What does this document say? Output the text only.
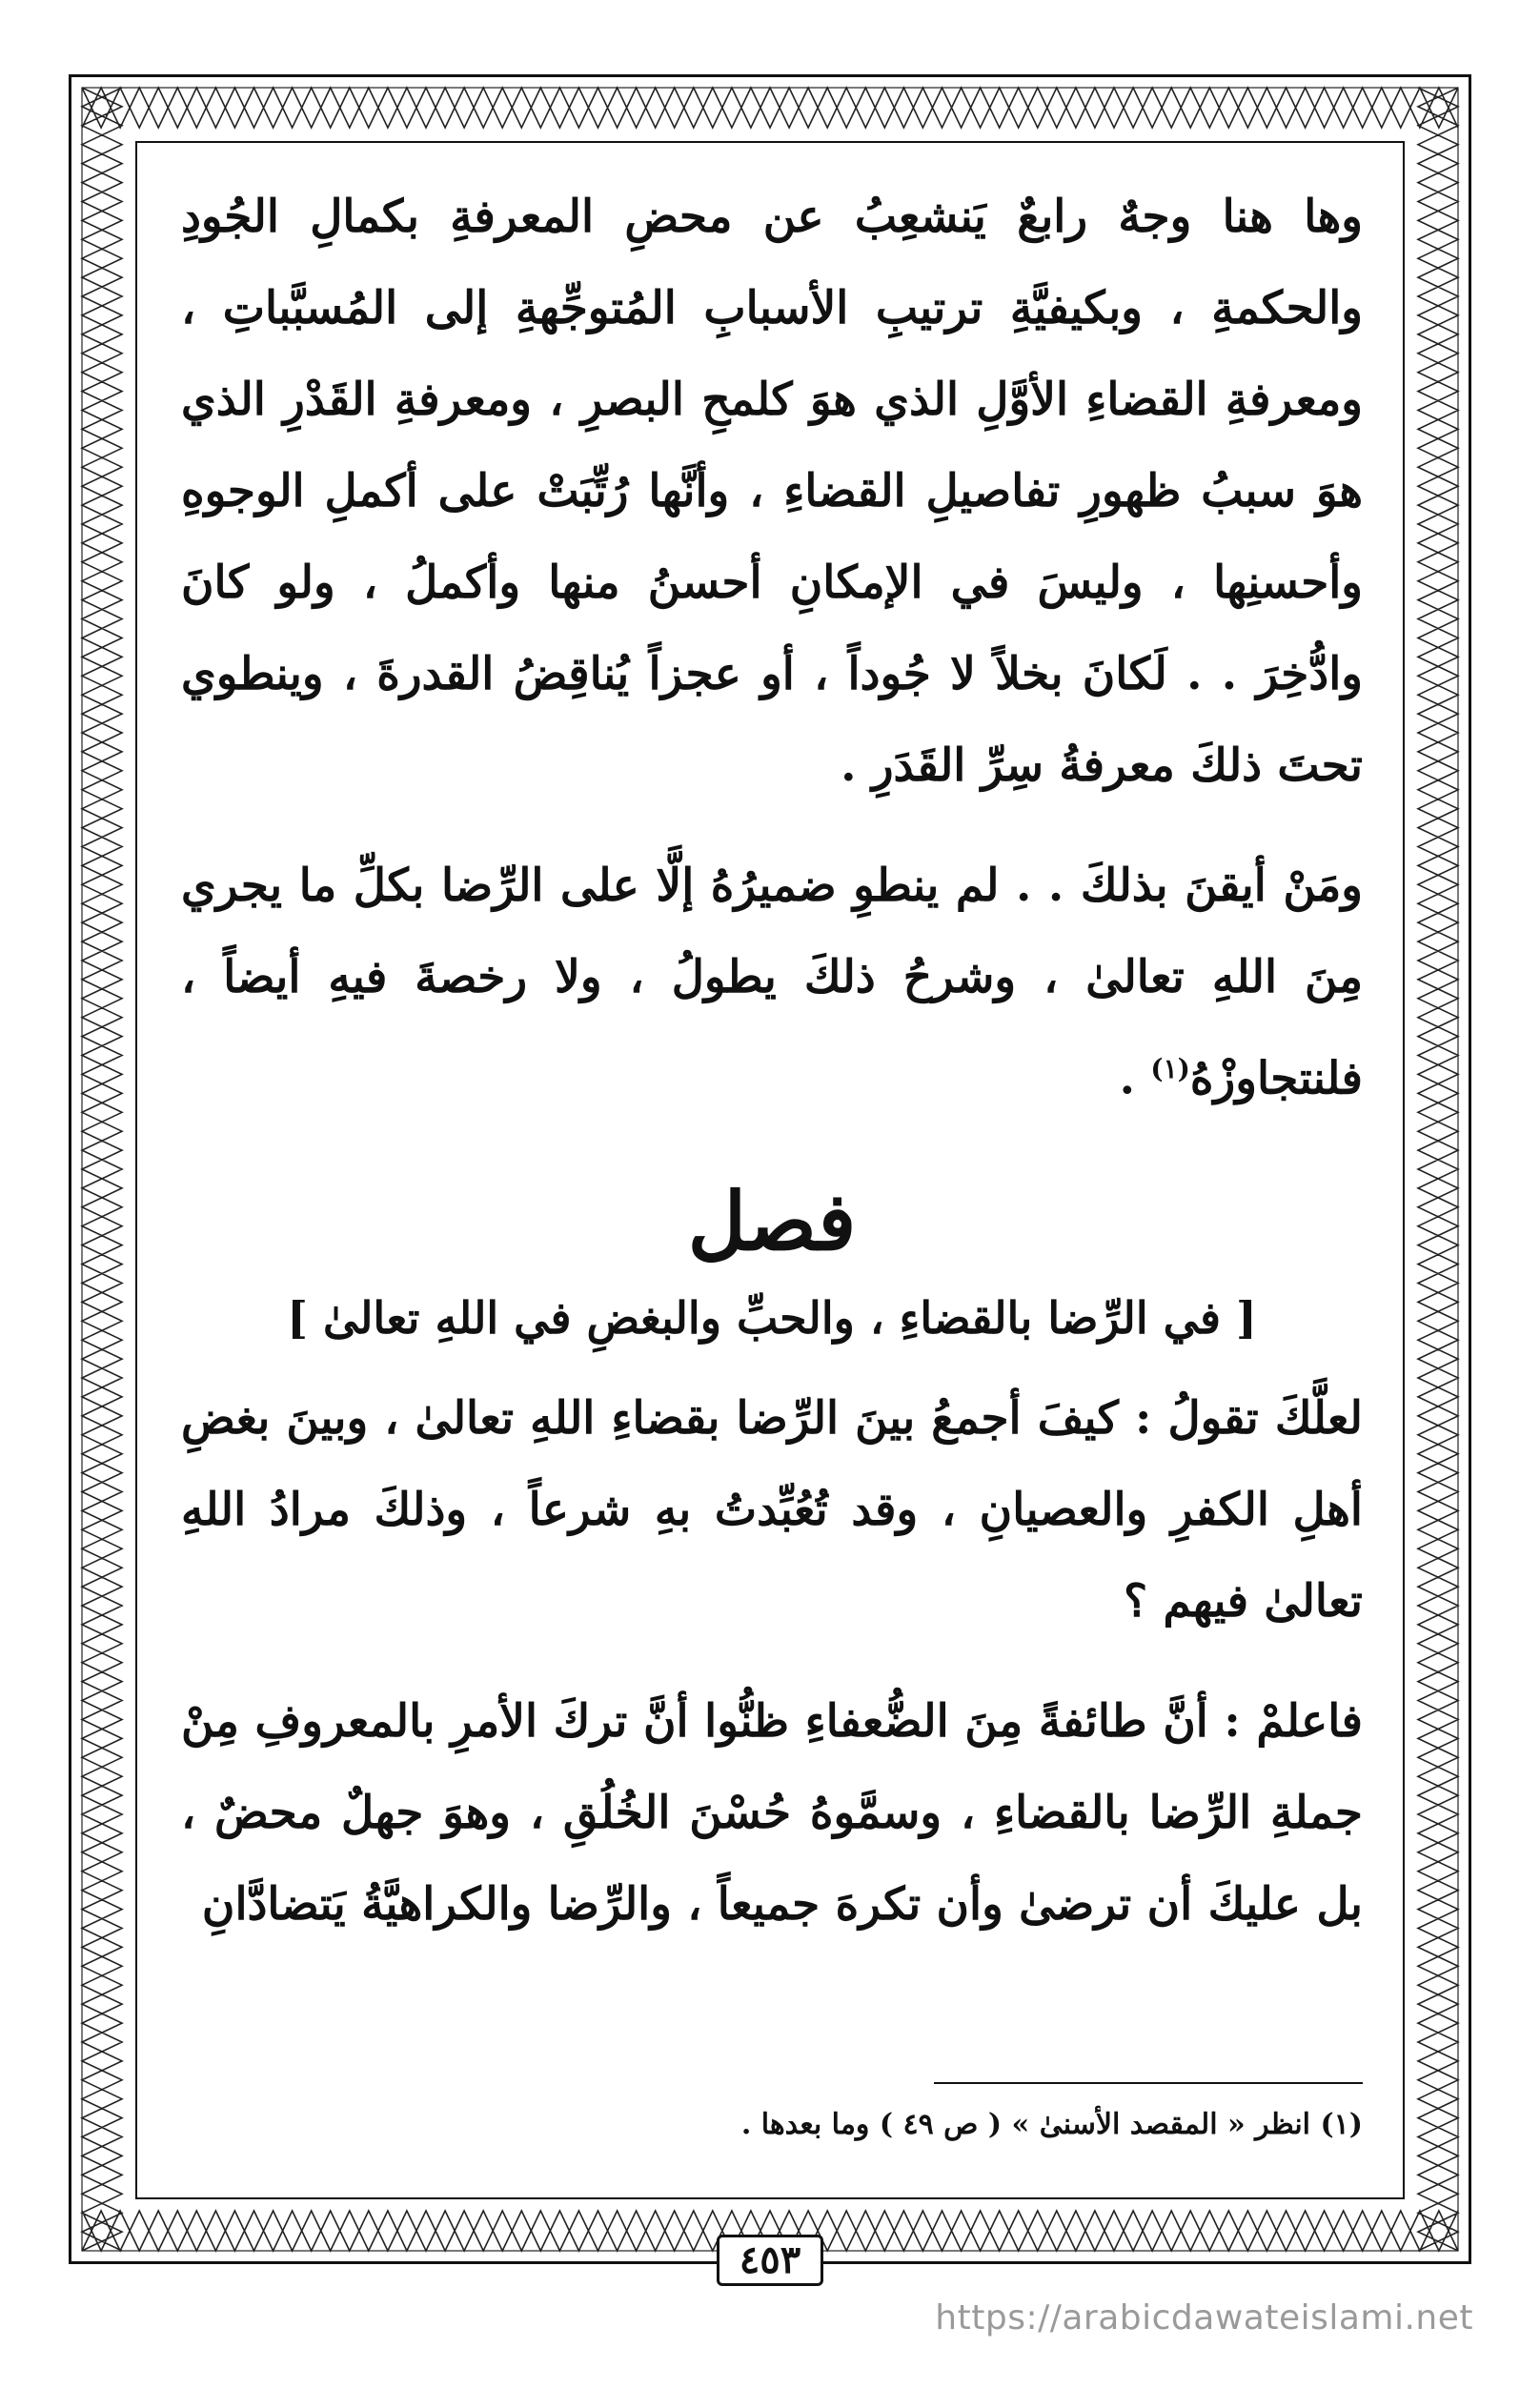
وها هنا وجهٌ رابعٌ يَنشعِبُ عن محضِ المعرفةِ بكمالِ الجُودِ والحكمةِ ، وبكيفيَّةِ ترتيبِ الأسبابِ المُتوجِّهةِ إلى المُسبَّباتِ ، ومعرفةِ القضاءِ الأوَّلِ الذي هوَ كلمحِ البصرِ ، ومعرفةِ القَدْرِ الذي هوَ سببُ ظهورِ تفاصيلِ القضاءِ ، وأنَّها رُتِّبَتْ على أكملِ الوجوهِ وأحسنِها ، وليسَ في الإمكانِ أحسنُ منها وأكملُ ، ولو كانَ وادُّخِرَ . . لَكانَ بخلاً لا جُوداً ، أو عجزاً يُناقِضُ القدرةَ ، وينطوي تحتَ ذلكَ معرفةُ سِرِّ القَدَرِ .

ومَنْ أيقنَ بذلكَ . . لم ينطوِ ضميرُهُ إلَّا على الرِّضا بكلِّ ما يجري مِنَ اللهِ تعالىٰ ، وشرحُ ذلكَ يطولُ ، ولا رخصةَ فيهِ أيضاً ، فلنتجاوزْهُ$^{(١)}$ .

فصل
[ في الرِّضا بالقضاءِ ، والحبِّ والبغضِ في اللهِ تعالىٰ ]

لعلَّكَ تقولُ : كيفَ أجمعُ بينَ الرِّضا بقضاءِ اللهِ تعالىٰ ، وبينَ بغضِ أهلِ الكفرِ والعصيانِ ، وقد تُعُبِّدتُ بهِ شرعاً ، وذلكَ مرادُ اللهِ تعالىٰ فيهم ؟

فاعلمْ : أنَّ طائفةً مِنَ الضُّعفاءِ ظنُّوا أنَّ تركَ الأمرِ بالمعروفِ مِنْ جملةِ الرِّضا بالقضاءِ ، وسمَّوهُ حُسْنَ الخُلُقِ ، وهوَ جهلٌ محضٌ ، بل عليكَ أن ترضىٰ وأن تكرهَ جميعاً ، والرِّضا والكراهيَّةُ يَتضادَّانِ

(١) انظر « المقصد الأسنىٰ » ( ص ٤٩ ) وما بعدها .
٤٥٣
https://arabicdawateislami.net
